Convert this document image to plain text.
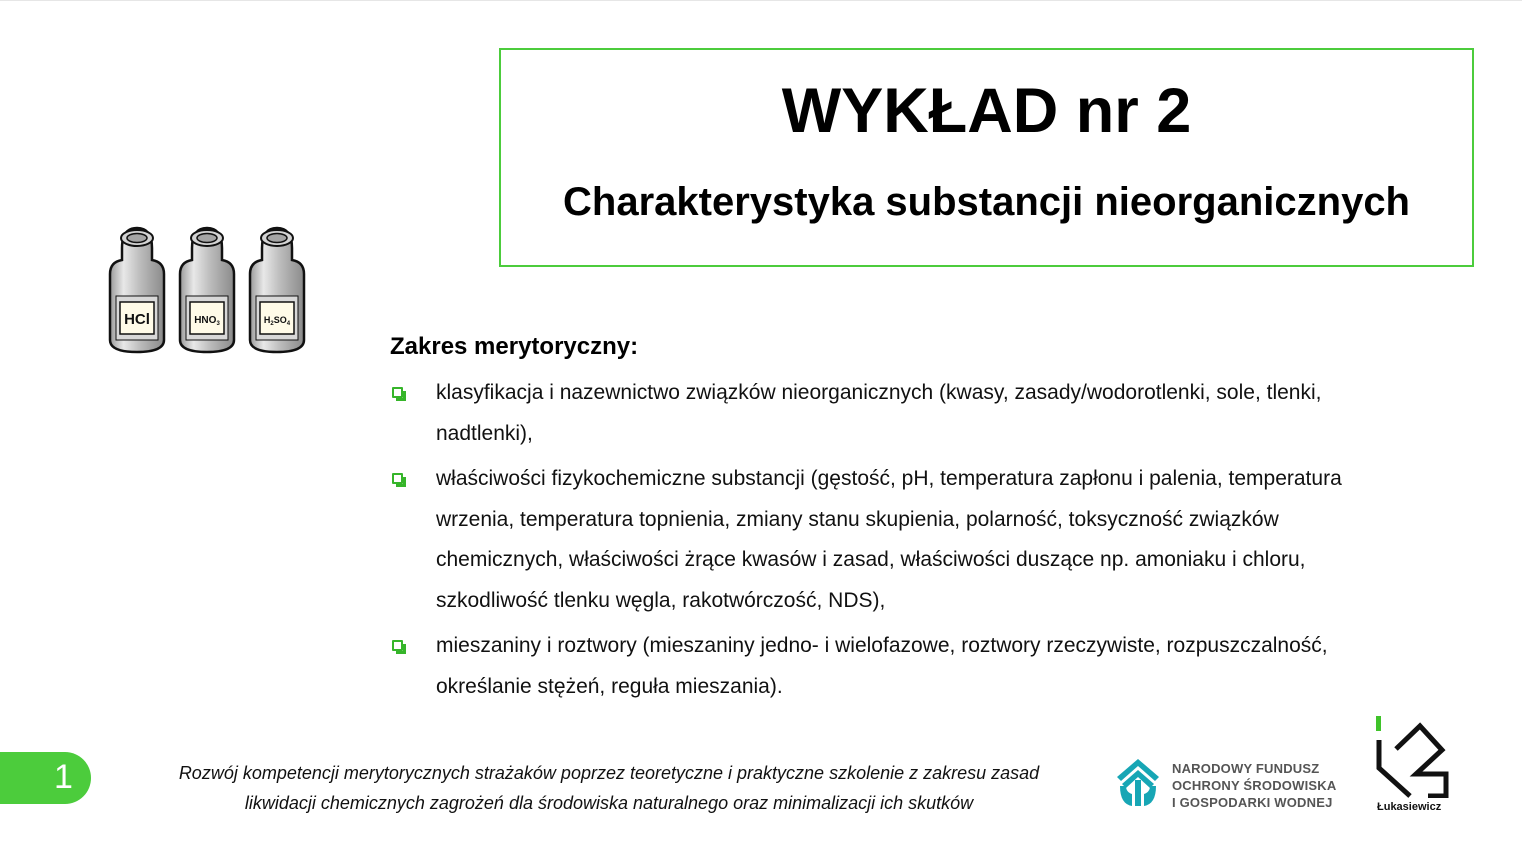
WYKŁAD nr 2
Charakterystyka substancji nieorganicznych
HCl	$HNO_3$	$H_2SO_4$
Zakres merytoryczny:
klasyfikacja i nazewnictwo związków nieorganicznych (kwasy, zasady/wodorotlenki, sole, tlenki, nadtlenki),
właściwości fizykochemiczne substancji (gęstość, pH, temperatura zapłonu i palenia, temperatura wrzenia, temperatura topnienia, zmiany stanu skupienia, polarność, toksyczność związków chemicznych, właściwości żrące kwasów i zasad, właściwości duszące np. amoniaku i chloru, szkodliwość tlenku węgla, rakotwórczość, NDS),
mieszaniny i roztwory (mieszaniny jedno- i wielofazowe, roztwory rzeczywiste, rozpuszczalność, określanie stężeń, reguła mieszania).
1	Rozwój kompetencji merytorycznych strażaków poprzez teoretyczne i praktyczne szkolenie z zakresu zasad
likwidacji chemicznych zagrożeń dla środowiska naturalnego oraz minimalizacji ich skutków
NARODOWY FUNDUSZ
OCHRONY ŚRODOWISKA
I GOSPODARKI WODNEJ	Łukasiewicz
